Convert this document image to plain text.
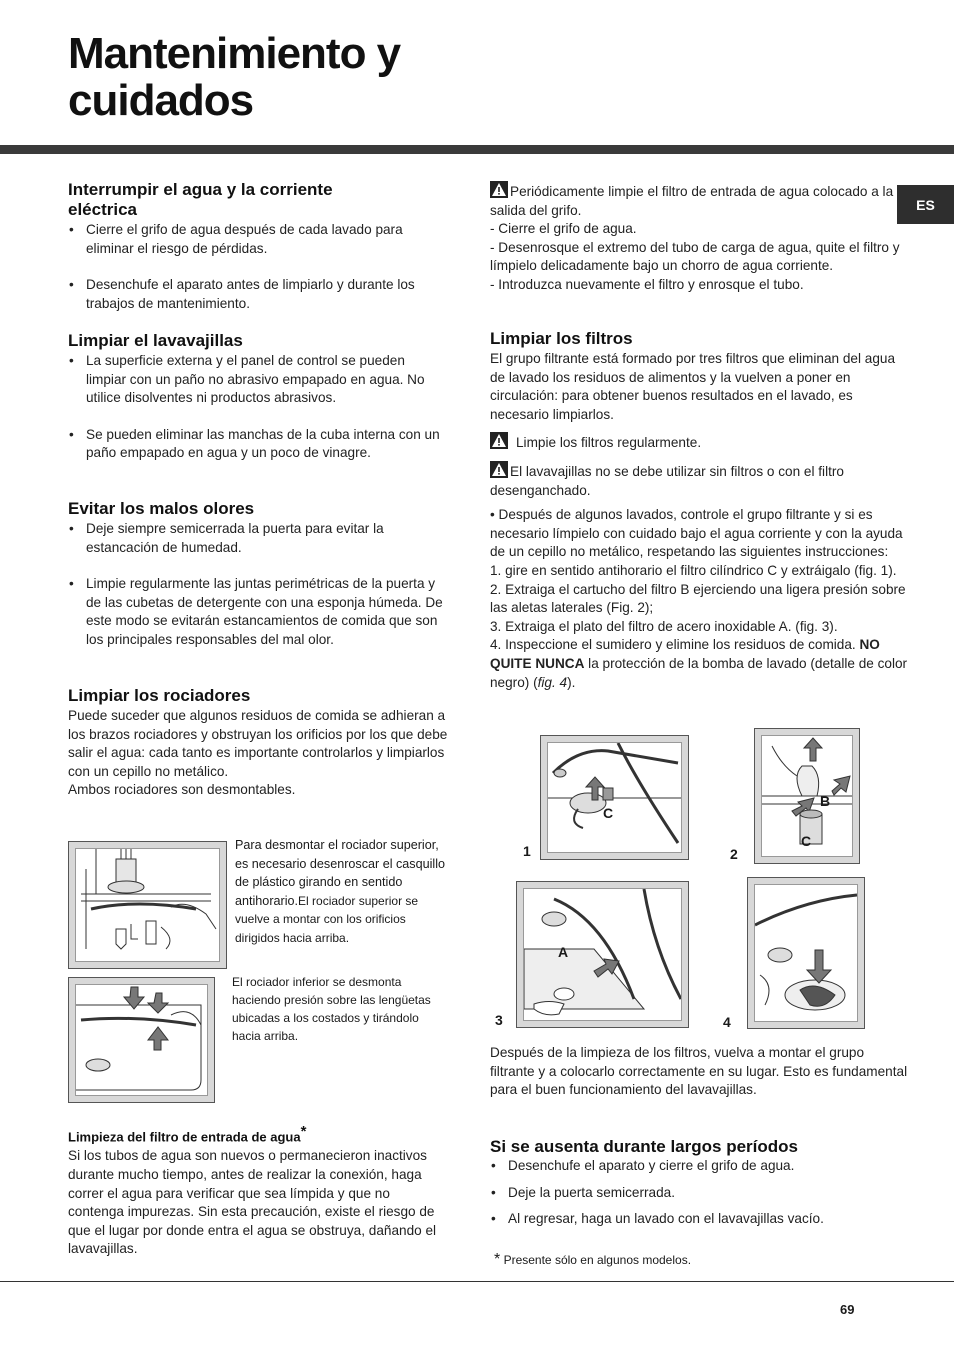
Mantenimiento y
cuidados
ES
Interrumpir el agua y la corriente
eléctrica
• Cierre el grifo de agua después de cada lavado para eliminar el riesgo de pérdidas.
• Desenchufe el aparato antes de limpiarlo y durante los trabajos de mantenimiento.
Limpiar el lavavajillas
• La superficie externa y el panel de control se pueden limpiar con un paño no abrasivo empapado en agua. No utilice disolventes ni productos abrasivos.
• Se pueden eliminar las manchas de la cuba interna con un paño empapado en agua y un poco de vinagre.
Evitar los malos olores
• Deje siempre semicerrada la puerta para evitar la estancación de humedad.
• Limpie regularmente las juntas perimétricas de la puerta y de las cubetas de detergente con una esponja húmeda. De este modo se evitarán estancamientos de comida que son los principales responsables del mal olor.
Limpiar los rociadores

Puede suceder que algunos residuos de comida se adhieran a los brazos rociadores y obstruyan los orificios por los que debe salir el agua: cada tanto es importante controlarlos y limpiarlos con un cepillo no metálico.

Ambos rociadores son desmontables.

Para desmontar el rociador superior, es necesario desenroscar el casquillo de plástico girando en sentido antihorario.El rociador superior se vuelve a montar con los orificios dirigidos hacia arriba.
El rociador inferior se desmonta haciendo presión sobre las lengüetas ubicadas a los costados y tirándolo hacia arriba.
Limpieza del filtro de entrada de agua*

Si los tubos de agua son nuevos o permanecieron inactivos durante mucho tiempo, antes de realizar la conexión, haga correr el agua para verificar que sea límpida y que no contenga impurezas. Sin esta precaución, existe el riesgo de que el lugar por donde entra el agua se obstruya, dañando el lavavajillas.

Periódicamente limpie el filtro de entrada de agua colocado a la salida del grifo.

- Cierre el grifo de agua.

- Desenrosque el extremo del tubo de carga de agua, quite el filtro y límpielo delicadamente bajo un chorro de agua corriente.

- Introduzca nuevamente el filtro y enrosque el tubo.

Limpiar los filtros

El grupo filtrante está formado por tres filtros que eliminan del agua de lavado los residuos de alimentos y la vuelven a poner en circulación: para obtener buenos resultados en el lavado, es necesario limpiarlos.

Limpie los filtros regularmente.

El lavavajillas no se debe utilizar sin filtros o con el filtro desenganchado.

• Después de algunos lavados, controle el grupo filtrante y si es necesario límpielo con cuidado bajo el agua corriente y con la ayuda de un cepillo no metálico, respetando las siguientes instrucciones:

1. gire en sentido antihorario el filtro cilíndrico C y extráigalo (fig. 1).

2. Extraiga el cartucho del filtro B ejerciendo una ligera presión sobre las aletas laterales (Fig. 2);

3. Extraiga el plato del filtro de acero inoxidable A. (fig. 3).

4. Inspeccione el sumidero y elimine los residuos de comida. NO QUITE NUNCA la protección de la bomba de lavado (detalle de color negro) (fig. 4).

C
1
B
C
2
A
3	4

Después de la limpieza de los filtros, vuelva a montar el grupo filtrante y a colocarlo correctamente en su lugar. Esto es fundamental para el buen funcionamiento del lavavajillas.

Si se ausenta durante largos períodos
• Desenchufe el aparato y cierre el grifo de agua.
• Deje la puerta semicerrada.
• Al regresar, haga un lavado con el lavavajillas vacío.
* Presente sólo en algunos modelos.
69
